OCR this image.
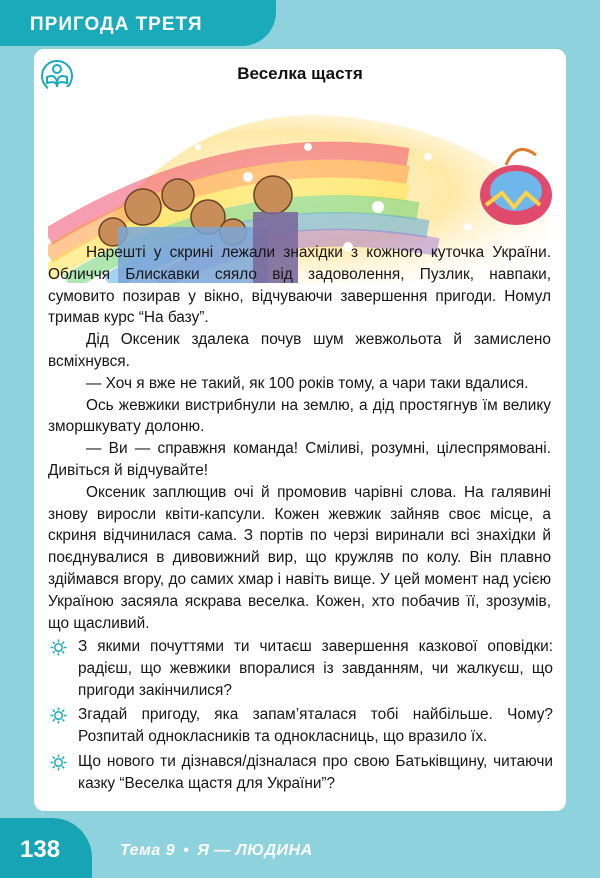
ПРИГОДА ТРЕТЯ
Веселка щастя

Нарешті у скрині лежали знахідки з кожного куточка України. Обличчя Блискавки сяяло від задоволення, Пузлик, навпаки, сумовито позирав у вікно, відчуваючи завершення пригоди. Номул тримав курс “На базу”.

Дід Оксеник здалека почув шум жевжольота й замислено всміхнувся.

— Хоч я вже не такий, як 100 років тому, а чари таки вдалися.

Ось жевжики вистрибнули на землю, а дід простягнув їм велику зморшкувату долоню.

— Ви — справжня команда! Сміливі, розумні, цілеспрямовані. Дивіться й відчувайте!

Оксеник заплющив очі й промовив чарівні слова. На галявині знову виросли квіти-капсули. Кожен жевжик зайняв своє місце, а скриня відчинилася сама. З портів по черзі виринали всі знахідки й поєднувалися в дивовижний вир, що кружляв по колу. Він плавно здіймався вгору, до самих хмар і навіть вище. У цей момент над усією Україною засяяла яскрава веселка. Кожен, хто побачив її, зрозумів, що щасливий.

З якими почуттями ти читаєш завершення казкової оповідки: радієш, що жевжики впоралися із завданням, чи жалкуєш, що пригоди закінчилися?
Згадай пригоду, яка запам’яталася тобі найбільше. Чому? Розпитай однокласників та однокласниць, що вразило їх.
Що нового ти дізнався/дізналася про свою Батьківщину, читаючи казку “Веселка щастя для України”?
138	Тема 9 • Я — ЛЮДИНА
